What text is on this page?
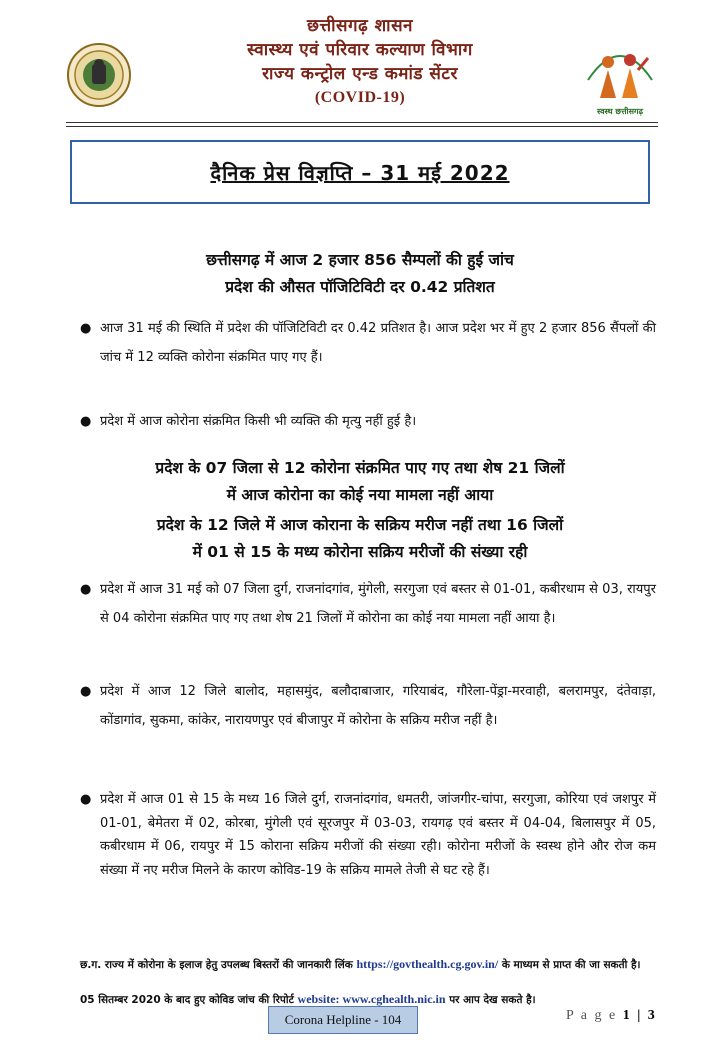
छत्तीसगढ़ शासन
स्वास्थ्य एवं परिवार कल्याण विभाग
राज्य कन्ट्रोल एन्ड कमांड सेंटर
(COVID-19)
स्वस्थ छत्तीसगढ़
दैनिक प्रेस विज्ञप्ति – 31 मई 2022
छत्तीसगढ़ में आज 2 हजार 856 सैम्पलों की हुई जांच
प्रदेश की औसत पॉजिटिविटी दर 0.42 प्रतिशत
● आज 31 मई की स्थिति में प्रदेश की पॉजिटिविटी दर 0.42 प्रतिशत है। आज प्रदेश भर में हुए 2 हजार 856 सैंपलों की जांच में 12 व्यक्ति कोरोना संक्रमित पाए गए हैं।
● प्रदेश में आज कोरोना संक्रमित किसी भी व्यक्ति की मृत्यु नहीं हुई है।
प्रदेश के 07 जिला से 12 कोरोना संक्रमित पाए गए तथा शेष 21 जिलों
में आज कोरोना का कोई नया मामला नहीं आया
प्रदेश के 12 जिले में आज कोराना के सक्रिय मरीज नहीं तथा 16 जिलों
में 01 से 15 के मध्य कोरोना सक्रिय मरीजों की संख्या रही
● प्रदेश में आज 31 मई को 07 जिला दुर्ग, राजनांदगांव, मुंगेली, सरगुजा एवं बस्तर से 01-01, कबीरधाम से 03, रायपुर से 04 कोरोना संक्रमित पाए गए तथा शेष 21 जिलों में कोरोना का कोई नया मामला नहीं आया है।
● प्रदेश में आज 12 जिले बालोद, महासमुंद, बलौदाबाजार, गरियाबंद, गौरेला-पेंड्रा-मरवाही, बलरामपुर, दंतेवाड़ा, कोंडागांव, सुकमा, कांकेर, नारायणपुर एवं बीजापुर में कोरोना के सक्रिय मरीज नहीं है।
● प्रदेश में आज 01 से 15 के मध्य 16 जिले दुर्ग, राजनांदगांव, धमतरी, जांजगीर-चांपा, सरगुजा, कोरिया एवं जशपुर में 01-01, बेमेतरा में 02, कोरबा, मुंगेली एवं सूरजपुर में 03-03, रायगढ़ एवं बस्तर में 04-04, बिलासपुर में 05, कबीरधाम में 06, रायपुर में 15 कोराना सक्रिय मरीजों की संख्या रही। कोरोना मरीजों के स्वस्थ होने और रोज कम संख्या में नए मरीज मिलने के कारण कोविड-19 के सक्रिय मामले तेजी से घट रहे हैं।
छ.ग. राज्य में कोरोना के इलाज हेतु उपलब्ध बिस्तरों की जानकारी लिंक https://govthealth.cg.gov.in/ के माध्यम से प्राप्त की जा सकती है।
05 सितम्बर 2020 के बाद हुए कोविड जांच की रिपोर्ट website: www.cghealth.nic.in पर आप देख सकते है।
Corona Helpline - 104	P a g e 1 | 3
